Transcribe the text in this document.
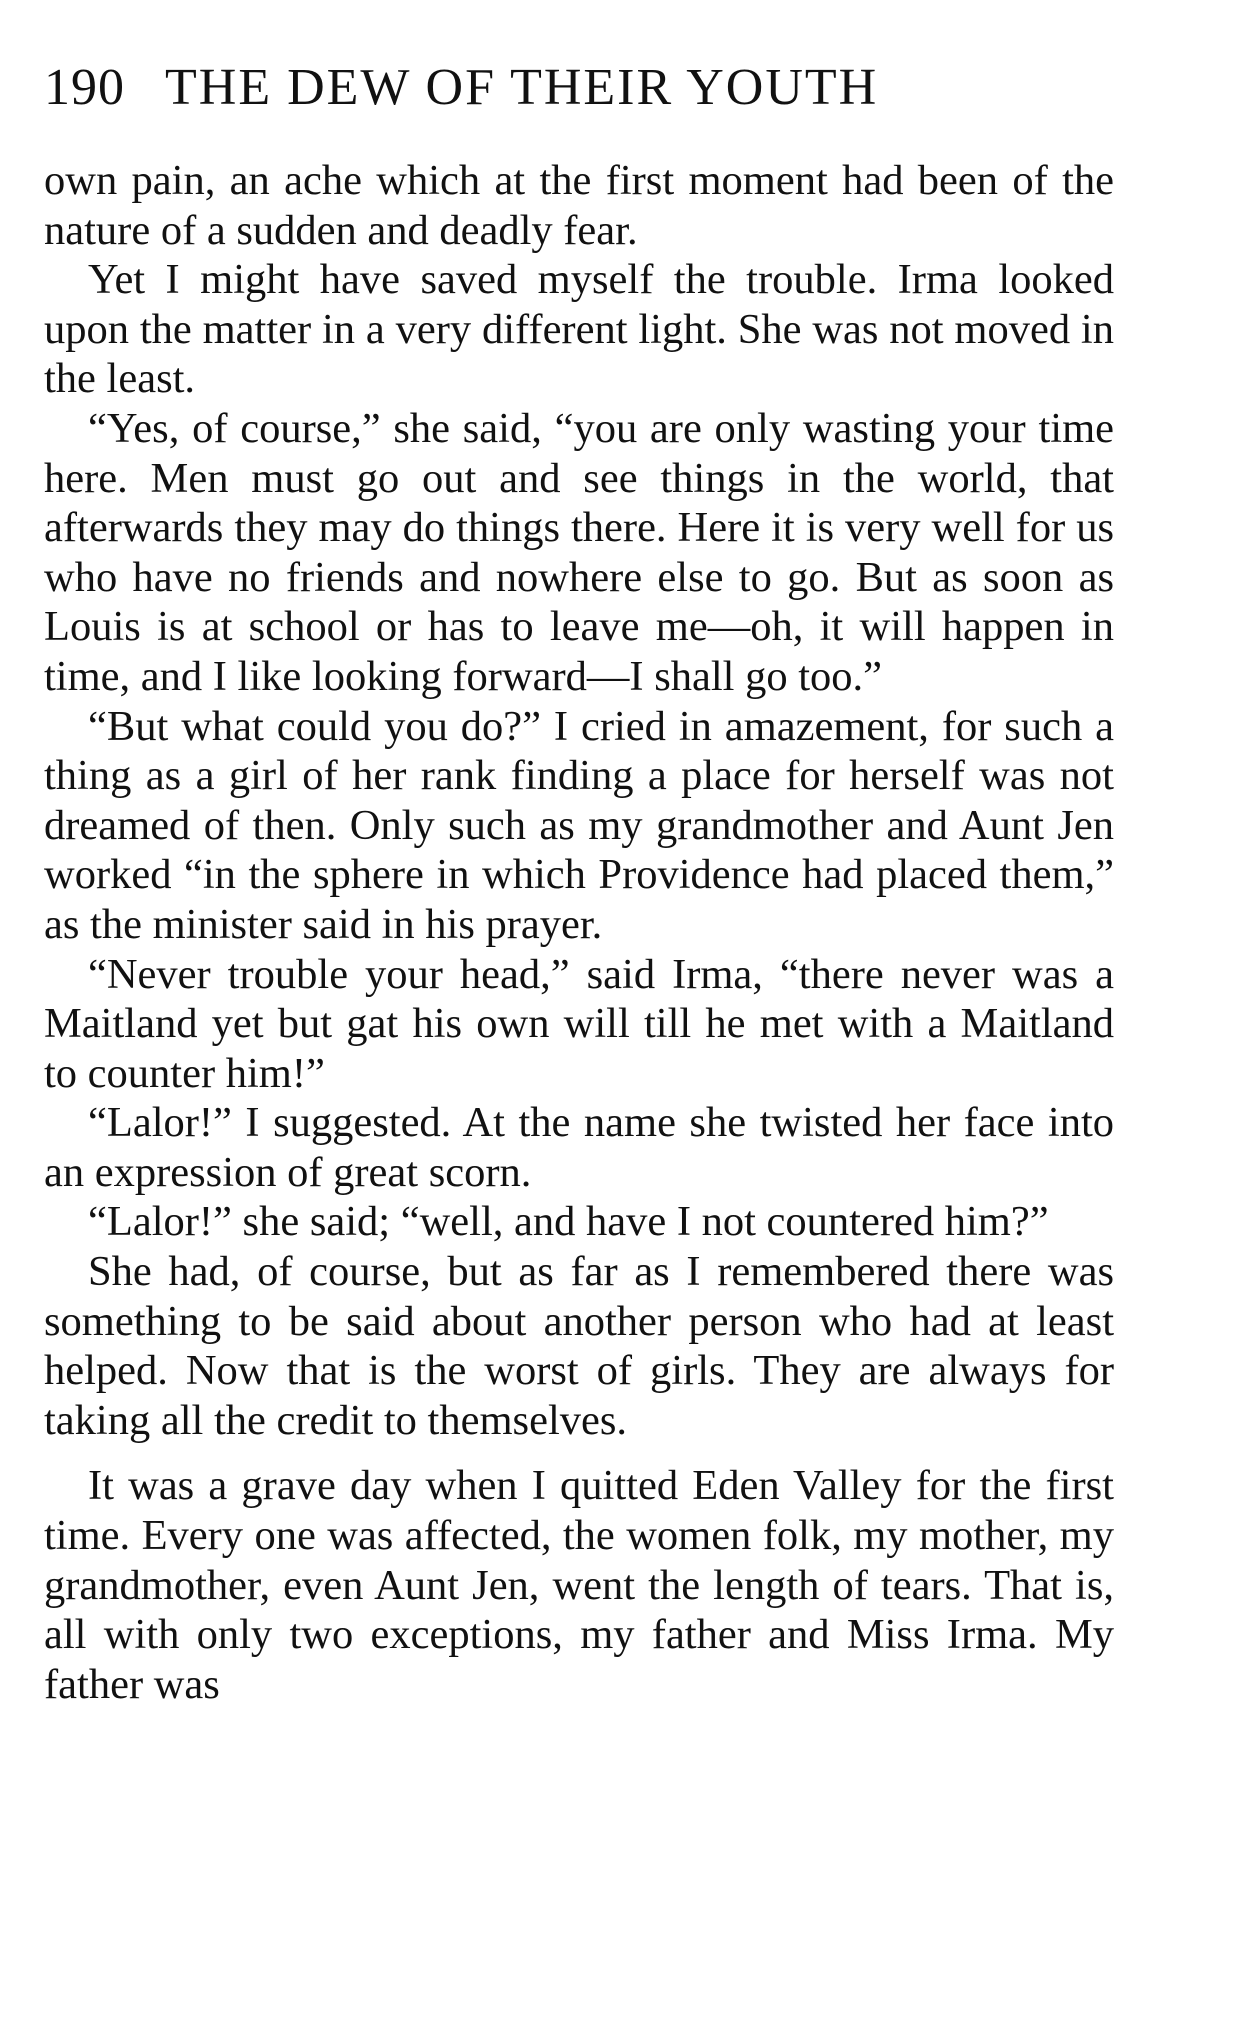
190 THE DEW OF THEIR YOUTH

own pain, an ache which at the first moment had been of the nature of a sudden and deadly fear.

Yet I might have saved myself the trouble. Irma looked upon the matter in a very different light. She was not moved in the least.

“Yes, of course,” she said, “you are only wasting your time here. Men must go out and see things in the world, that afterwards they may do things there. Here it is very well for us who have no friends and nowhere else to go. But as soon as Louis is at school or has to leave me—oh, it will happen in time, and I like looking forward—I shall go too.”

“But what could you do?” I cried in amazement, for such a thing as a girl of her rank finding a place for herself was not dreamed of then. Only such as my grandmother and Aunt Jen worked “in the sphere in which Providence had placed them,” as the minister said in his prayer.

“Never trouble your head,” said Irma, “there never was a Maitland yet but gat his own will till he met with a Maitland to counter him!”

“Lalor!” I suggested. At the name she twisted her face into an expression of great scorn.

“Lalor!” she said; “well, and have I not countered him?”

She had, of course, but as far as I remembered there was something to be said about another person who had at least helped. Now that is the worst of girls. They are always for taking all the credit to themselves.

It was a grave day when I quitted Eden Valley for the first time. Every one was affected, the women folk, my mother, my grandmother, even Aunt Jen, went the length of tears. That is, all with only two exceptions, my father and Miss Irma. My father was
